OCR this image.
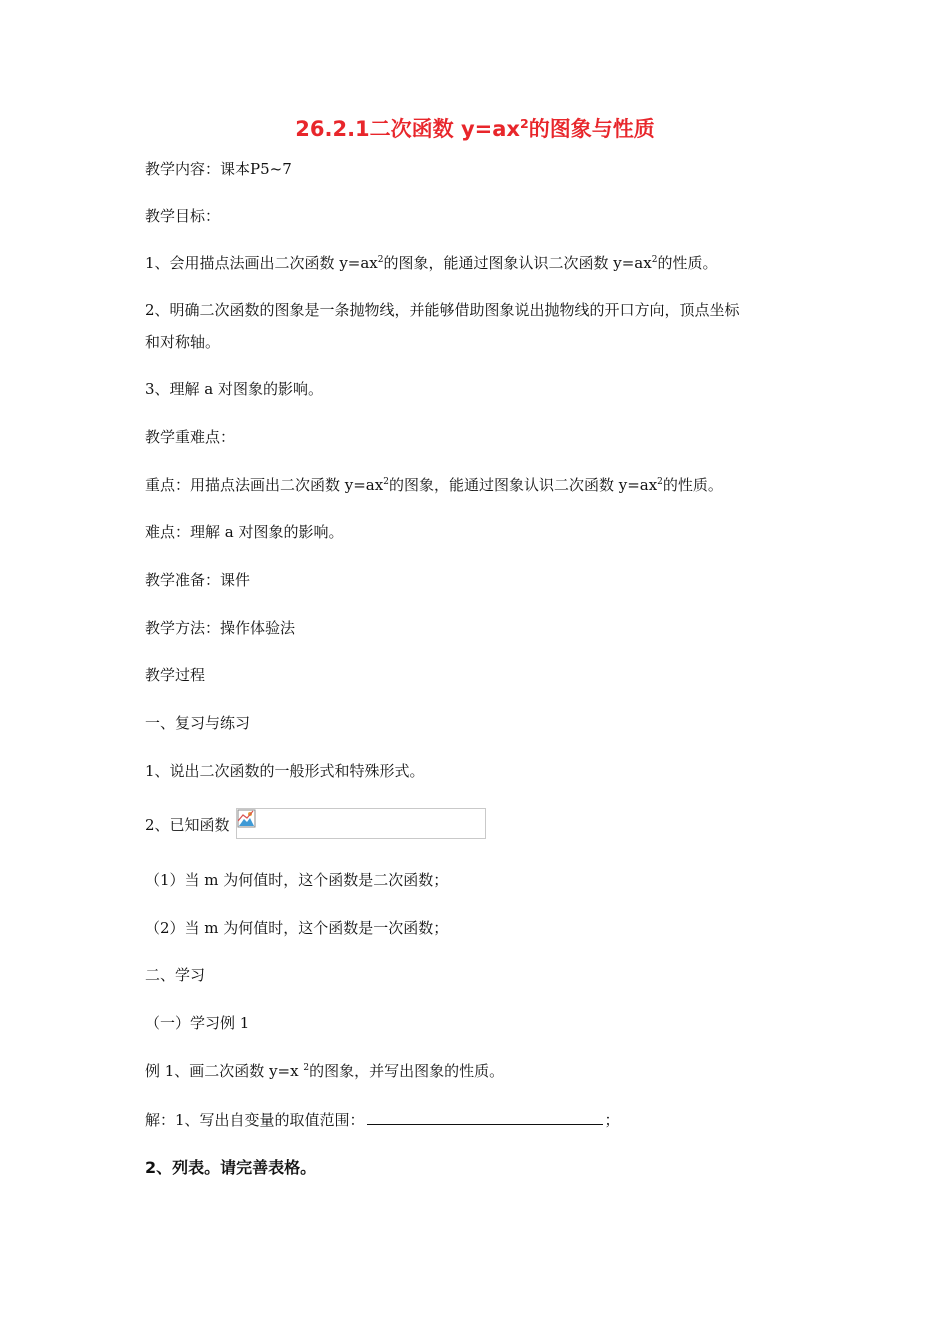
26.2.1二次函数 $y=ax^2$的图象与性质
教学内容：课本P5~7
教学目标：
1、会用描点法画出二次函数 $y=ax^2$的图象，能通过图象认识二次函数 $y=ax^2$的性质。
2、明确二次函数的图象是一条抛物线，并能够借助图象说出抛物线的开口方向，顶点坐标
和对称轴。
3、理解 a 对图象的影响。
教学重难点：
重点：用描点法画出二次函数 $y=ax^2$的图象，能通过图象认识二次函数 $y=ax^2$的性质。
难点：理解 a 对图象的影响。
教学准备：课件
教学方法：操作体验法
教学过程
一、复习与练习
1、说出二次函数的一般形式和特殊形式。
2、已知函数
（1）当 m 为何值时，这个函数是二次函数；
（2）当 m 为何值时，这个函数是一次函数；
二、学习
（一）学习例 1
例 1、画二次函数 y=x $^2$的图象，并写出图象的性质。
解：1、写出自变量的取值范围：	；
2、列表。请完善表格。
